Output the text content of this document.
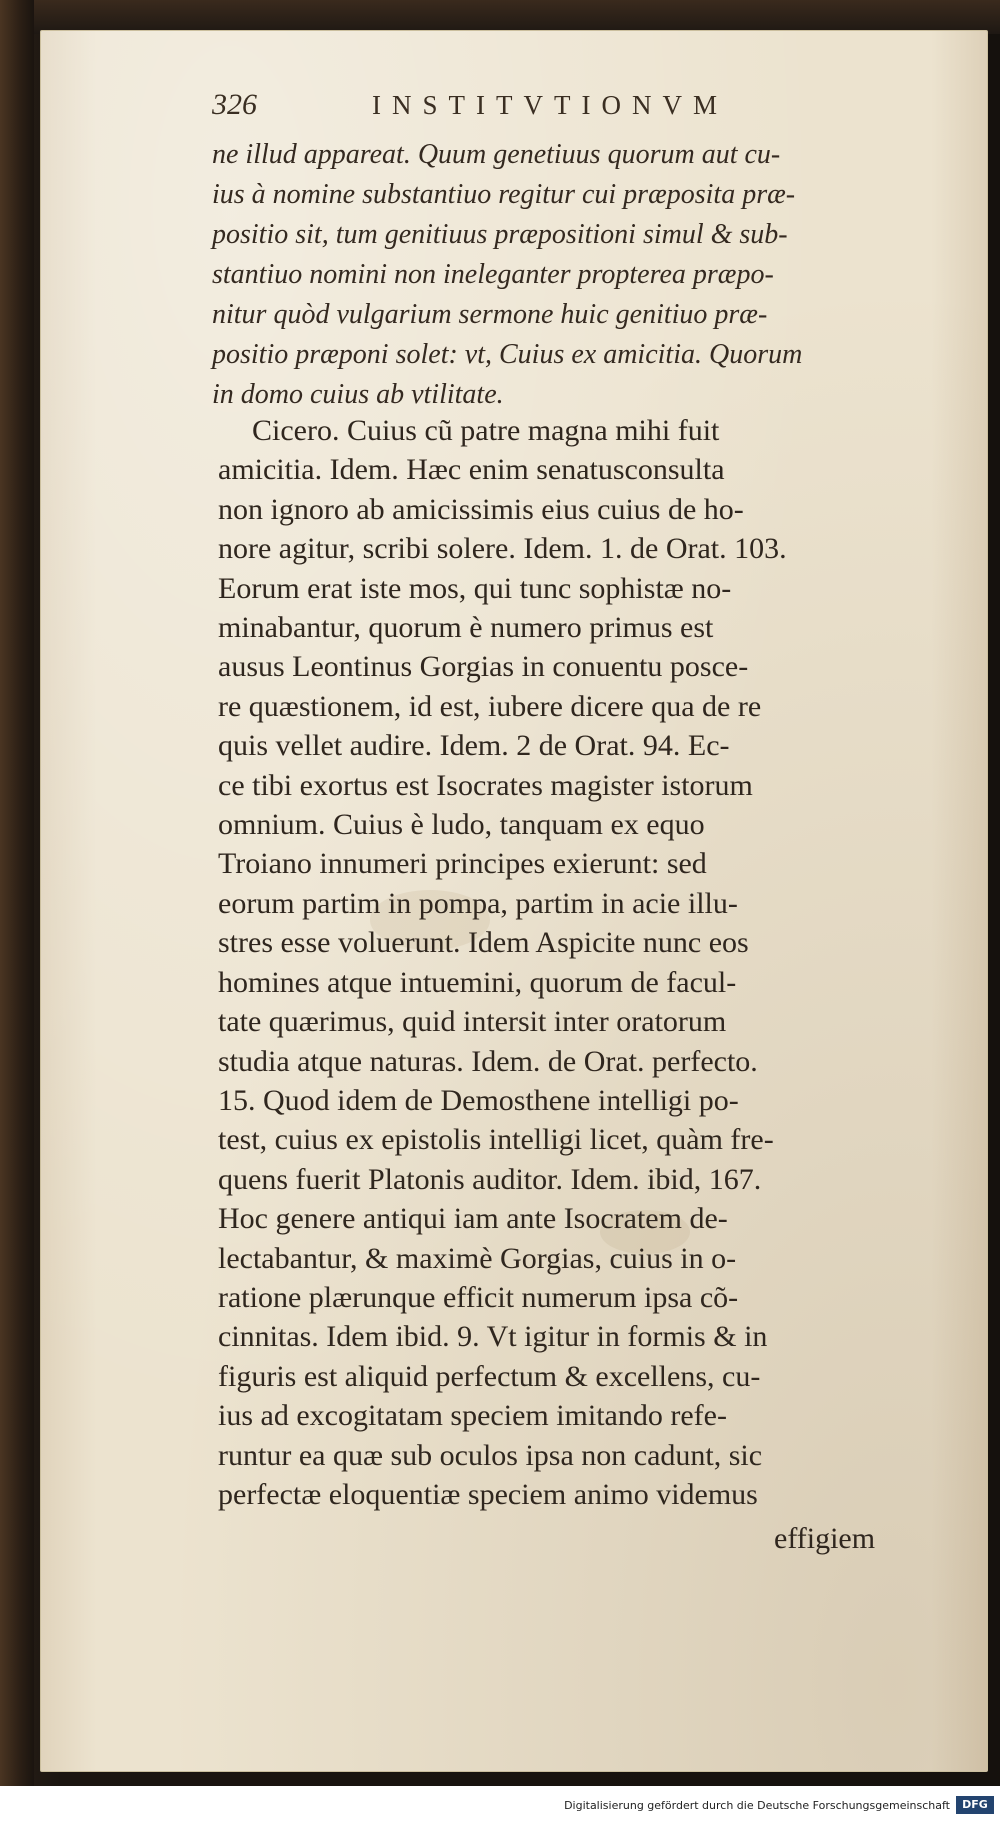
326	INSTITVTIONVM
ne illud appareat. Quum genetiuus quorum aut cu-
ius à nomine substantiuo regitur cui præposita præ-
positio sit, tum genitiuus præpositioni simul & sub-
stantiuo nomini non ineleganter propterea præpo-
nitur quòd vulgarium sermone huic genitiuo præ-
positio præponi solet: vt, Cuius ex amicitia. Quorum
in domo cuius ab vtilitate.
Cicero. Cuius cũ patre magna mihi fuit
amicitia. Idem. Hæc enim senatusconsulta
non ignoro ab amicissimis eius cuius de ho-
nore agitur, scribi solere. Idem. 1. de Orat. 103.
Eorum erat iste mos, qui tunc sophistæ no-
minabantur, quorum è numero primus est
ausus Leontinus Gorgias in conuentu posce-
re quæstionem, id est, iubere dicere qua de re
quis vellet audire. Idem. 2 de Orat. 94. Ec-
ce tibi exortus est Isocrates magister istorum
omnium. Cuius è ludo, tanquam ex equo
Troiano innumeri principes exierunt: sed
eorum partim in pompa, partim in acie illu-
stres esse voluerunt. Idem Aspicite nunc eos
homines atque intuemini, quorum de facul-
tate quærimus, quid intersit inter oratorum
studia atque naturas. Idem. de Orat. perfecto.
15. Quod idem de Demosthene intelligi po-
test, cuius ex epistolis intelligi licet, quàm fre-
quens fuerit Platonis auditor. Idem. ibid, 167.
Hoc genere antiqui iam ante Isocratem de-
lectabantur, & maximè Gorgias, cuius in o-
ratione plærunque efficit numerum ipsa cõ-
cinnitas. Idem ibid. 9. Vt igitur in formis & in
figuris est aliquid perfectum & excellens, cu-
ius ad excogitatam speciem imitando refe-
runtur ea quæ sub oculos ipsa non cadunt, sic
perfectæ eloquentiæ speciem animo videmus
effigiem
Digitalisierung gefördert durch die Deutsche Forschungsgemeinschaft	DFG
